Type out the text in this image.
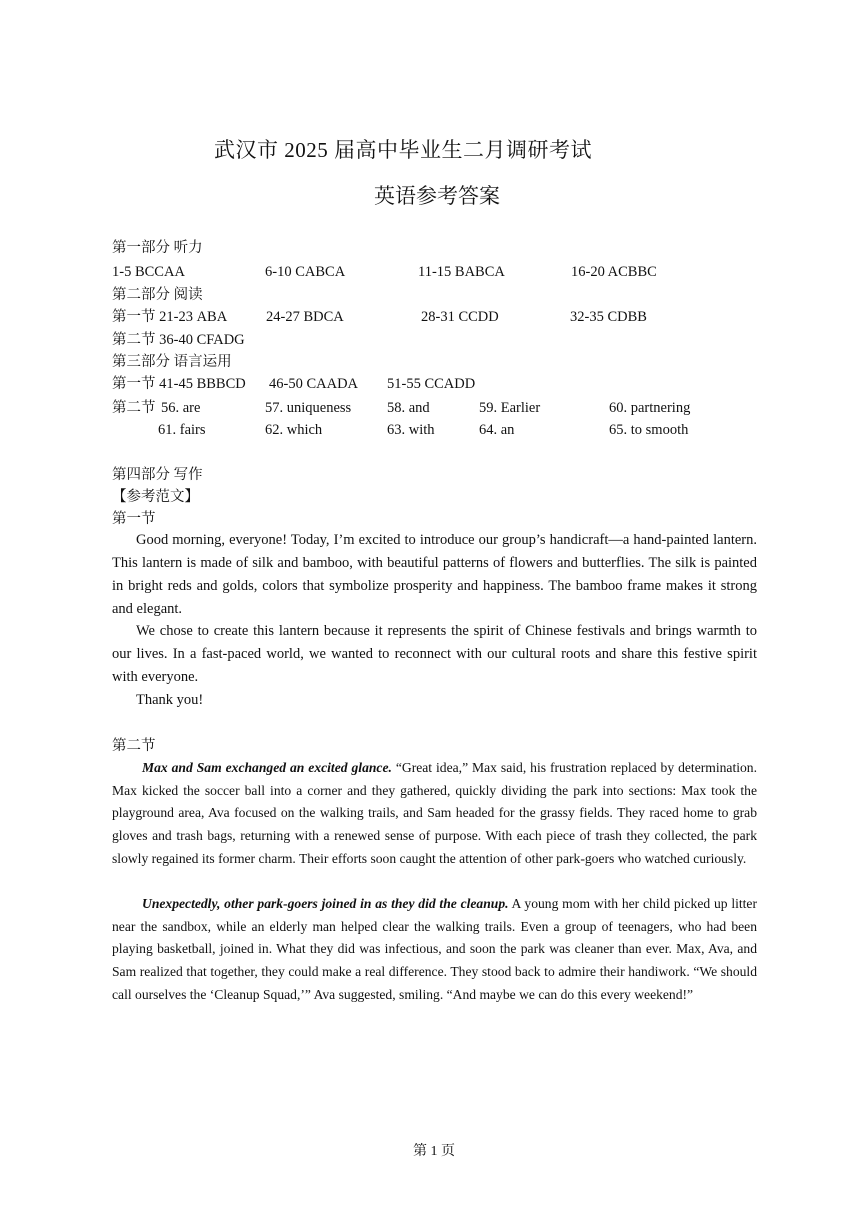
武汉市 2025 届高中毕业生二月调研考试
英语参考答案
第一部分 听力
1-5 BCCAA	6-10 CABCA	11-15 BABCA	16-20 ACBBC
第二部分 阅读
第一节 21-23 ABA	24-27 BDCA	28-31 CCDD	32-35 CDBB
第二节 36-40 CFADG
第三部分 语言运用
第一节 41-45 BBBCD 46-50 CAADA 51-55 CCADD
第二节 56. are	57. uniqueness 58. and	59. Earlier	60. partnering
61. fairs	62. which	63. with	64. an	65. to smooth
第四部分 写作
【参考范文】
第一节
Good morning, everyone! Today, I’m excited to introduce our group’s handicraft—a hand-painted lantern. This lantern is made of silk and bamboo, with beautiful patterns of flowers and butterflies. The silk is painted in bright reds and golds, colors that symbolize prosperity and happiness. The bamboo frame makes it strong and elegant.
We chose to create this lantern because it represents the spirit of Chinese festivals and brings warmth to our lives. In a fast-paced world, we wanted to reconnect with our cultural roots and share this festive spirit with everyone.
Thank you!
第二节
Max and Sam exchanged an excited glance. “Great idea,” Max said, his frustration replaced by determination. Max kicked the soccer ball into a corner and they gathered, quickly dividing the park into sections: Max took the playground area, Ava focused on the walking trails, and Sam headed for the grassy fields. They raced home to grab gloves and trash bags, returning with a renewed sense of purpose. With each piece of trash they collected, the park slowly regained its former charm. Their efforts soon caught the attention of other park-goers who watched curiously.
Unexpectedly, other park-goers joined in as they did the cleanup. A young mom with her child picked up litter near the sandbox, while an elderly man helped clear the walking trails. Even a group of teenagers, who had been playing basketball, joined in. What they did was infectious, and soon the park was cleaner than ever. Max, Ava, and Sam realized that together, they could make a real difference. They stood back to admire their handiwork. “We should call ourselves the ‘Cleanup Squad,’” Ava suggested, smiling. “And maybe we can do this every weekend!”
第 1 页
